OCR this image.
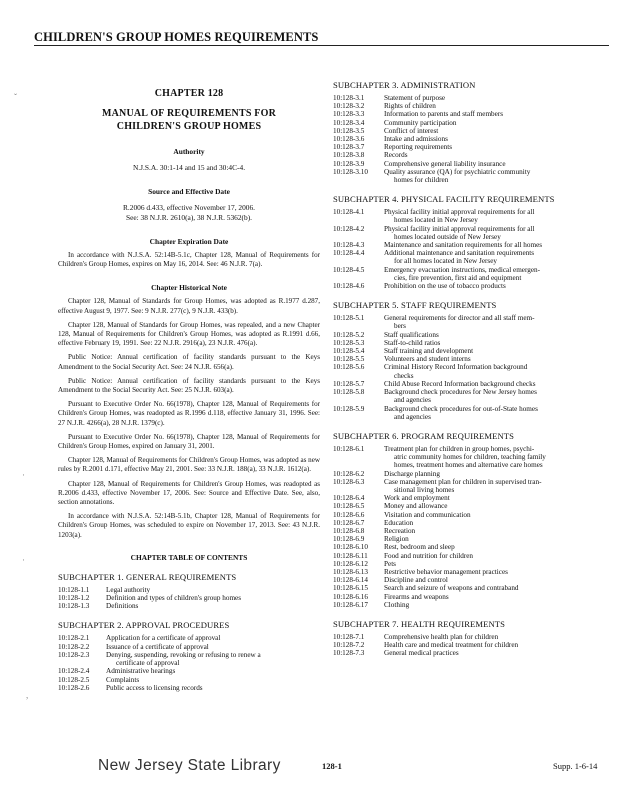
CHILDREN'S GROUP HOMES REQUIREMENTS
ˇ
·
·
,
CHAPTER 128
MANUAL OF REQUIREMENTS FOR
CHILDREN'S GROUP HOMES
Authority
N.J.S.A. 30:1-14 and 15 and 30:4C-4.
Source and Effective Date
R.2006 d.433, effective November 17, 2006.
See: 38 N.J.R. 2610(a), 38 N.J.R. 5362(b).
Chapter Expiration Date

In accordance with N.J.S.A. 52:14B-5.1c, Chapter 128, Manual of Requirements for Children's Group Homes, expires on May 16, 2014. See: 46 N.J.R. 7(a).

Chapter Historical Note

Chapter 128, Manual of Standards for Group Homes, was adopted as R.1977 d.287, effective August 9, 1977. See: 9 N.J.R. 277(c), 9 N.J.R. 433(b).

Chapter 128, Manual of Standards for Group Homes, was repealed, and a new Chapter 128, Manual of Requirements for Children's Group Homes, was adopted as R.1991 d.66, effective February 19, 1991. See: 22 N.J.R. 2916(a), 23 N.J.R. 476(a).

Public Notice: Annual certification of facility standards pursuant to the Keys Amendment to the Social Security Act. See: 24 N.J.R. 656(a).

Public Notice: Annual certification of facility standards pursuant to the Keys Amendment to the Social Security Act. See: 25 N.J.R. 603(a).

Pursuant to Executive Order No. 66(1978), Chapter 128, Manual of Requirements for Children's Group Homes, was readopted as R.1996 d.118, effective January 31, 1996. See: 27 N.J.R. 4266(a), 28 N.J.R. 1379(c).

Pursuant to Executive Order No. 66(1978), Chapter 128, Manual of Requirements for Children's Group Homes, expired on January 31, 2001.

Chapter 128, Manual of Requirements for Children's Group Homes, was adopted as new rules by R.2001 d.171, effective May 21, 2001. See: 33 N.J.R. 188(a), 33 N.J.R. 1612(a).

Chapter 128, Manual of Requirements for Children's Group Homes, was readopted as R.2006 d.433, effective November 17, 2006. See: Source and Effective Date. See, also, section annotations.

In accordance with N.J.S.A. 52:14B-5.1b, Chapter 128, Manual of Requirements for Children's Group Homes, was scheduled to expire on November 17, 2013. See: 43 N.J.R. 1203(a).

CHAPTER TABLE OF CONTENTS
SUBCHAPTER 1. GENERAL REQUIREMENTS
10:128-1.1	Legal authority
10:128-1.2	Definition and types of children's group homes
10:128-1.3	Definitions
SUBCHAPTER 2. APPROVAL PROCEDURES
10:128-2.1	Application for a certificate of approval
10:128-2.2	Issuance of a certificate of approval
10:128-2.3	Denying, suspending, revoking or refusing to renew a
certificate of approval
10:128-2.4	Administrative hearings
10:128-2.5	Complaints
10:128-2.6	Public access to licensing records
SUBCHAPTER 3. ADMINISTRATION
10:128-3.1	Statement of purpose
10:128-3.2	Rights of children
10:128-3.3	Information to parents and staff members
10:128-3.4	Community participation
10:128-3.5	Conflict of interest
10:128-3.6	Intake and admissions
10:128-3.7	Reporting requirements
10:128-3.8	Records
10:128-3.9	Comprehensive general liability insurance
10:128-3.10	Quality assurance (QA) for psychiatric community
homes for children
SUBCHAPTER 4. PHYSICAL FACILITY REQUIREMENTS
10:128-4.1	Physical facility initial approval requirements for all
homes located in New Jersey
10:128-4.2	Physical facility initial approval requirements for all
homes located outside of New Jersey
10:128-4.3	Maintenance and sanitation requirements for all homes
10:128-4.4	Additional maintenance and sanitation requirements
for all homes located in New Jersey
10:128-4.5	Emergency evacuation instructions, medical emergen-
cies, fire prevention, first aid and equipment
10:128-4.6	Prohibition on the use of tobacco products
SUBCHAPTER 5. STAFF REQUIREMENTS
10:128-5.1	General requirements for director and all staff mem-
bers
10:128-5.2	Staff qualifications
10:128-5.3	Staff-to-child ratios
10:128-5.4	Staff training and development
10:128-5.5	Volunteers and student interns
10:128-5.6	Criminal History Record Information background
checks
10:128-5.7	Child Abuse Record Information background checks
10:128-5.8	Background check procedures for New Jersey homes
and agencies
10:128-5.9	Background check procedures for out-of-State homes
and agencies
SUBCHAPTER 6. PROGRAM REQUIREMENTS
10:128-6.1	Treatment plan for children in group homes, psychi-
atric community homes for children, teaching family
homes, treatment homes and alternative care homes
10:128-6.2	Discharge planning
10:128-6.3	Case management plan for children in supervised tran-
sitional living homes
10:128-6.4	Work and employment
10:128-6.5	Money and allowance
10:128-6.6	Visitation and communication
10:128-6.7	Education
10:128-6.8	Recreation
10:128-6.9	Religion
10:128-6.10	Rest, bedroom and sleep
10:128-6.11	Food and nutrition for children
10:128-6.12	Pets
10:128-6.13	Restrictive behavior management practices
10:128-6.14	Discipline and control
10:128-6.15	Search and seizure of weapons and contraband
10:128-6.16	Firearms and weapons
10:128-6.17	Clothing
SUBCHAPTER 7. HEALTH REQUIREMENTS
10:128-7.1	Comprehensive health plan for children
10:128-7.2	Health care and medical treatment for children
10:128-7.3	General medical practices
New Jersey State Library	128-1	Supp. 1-6-14
